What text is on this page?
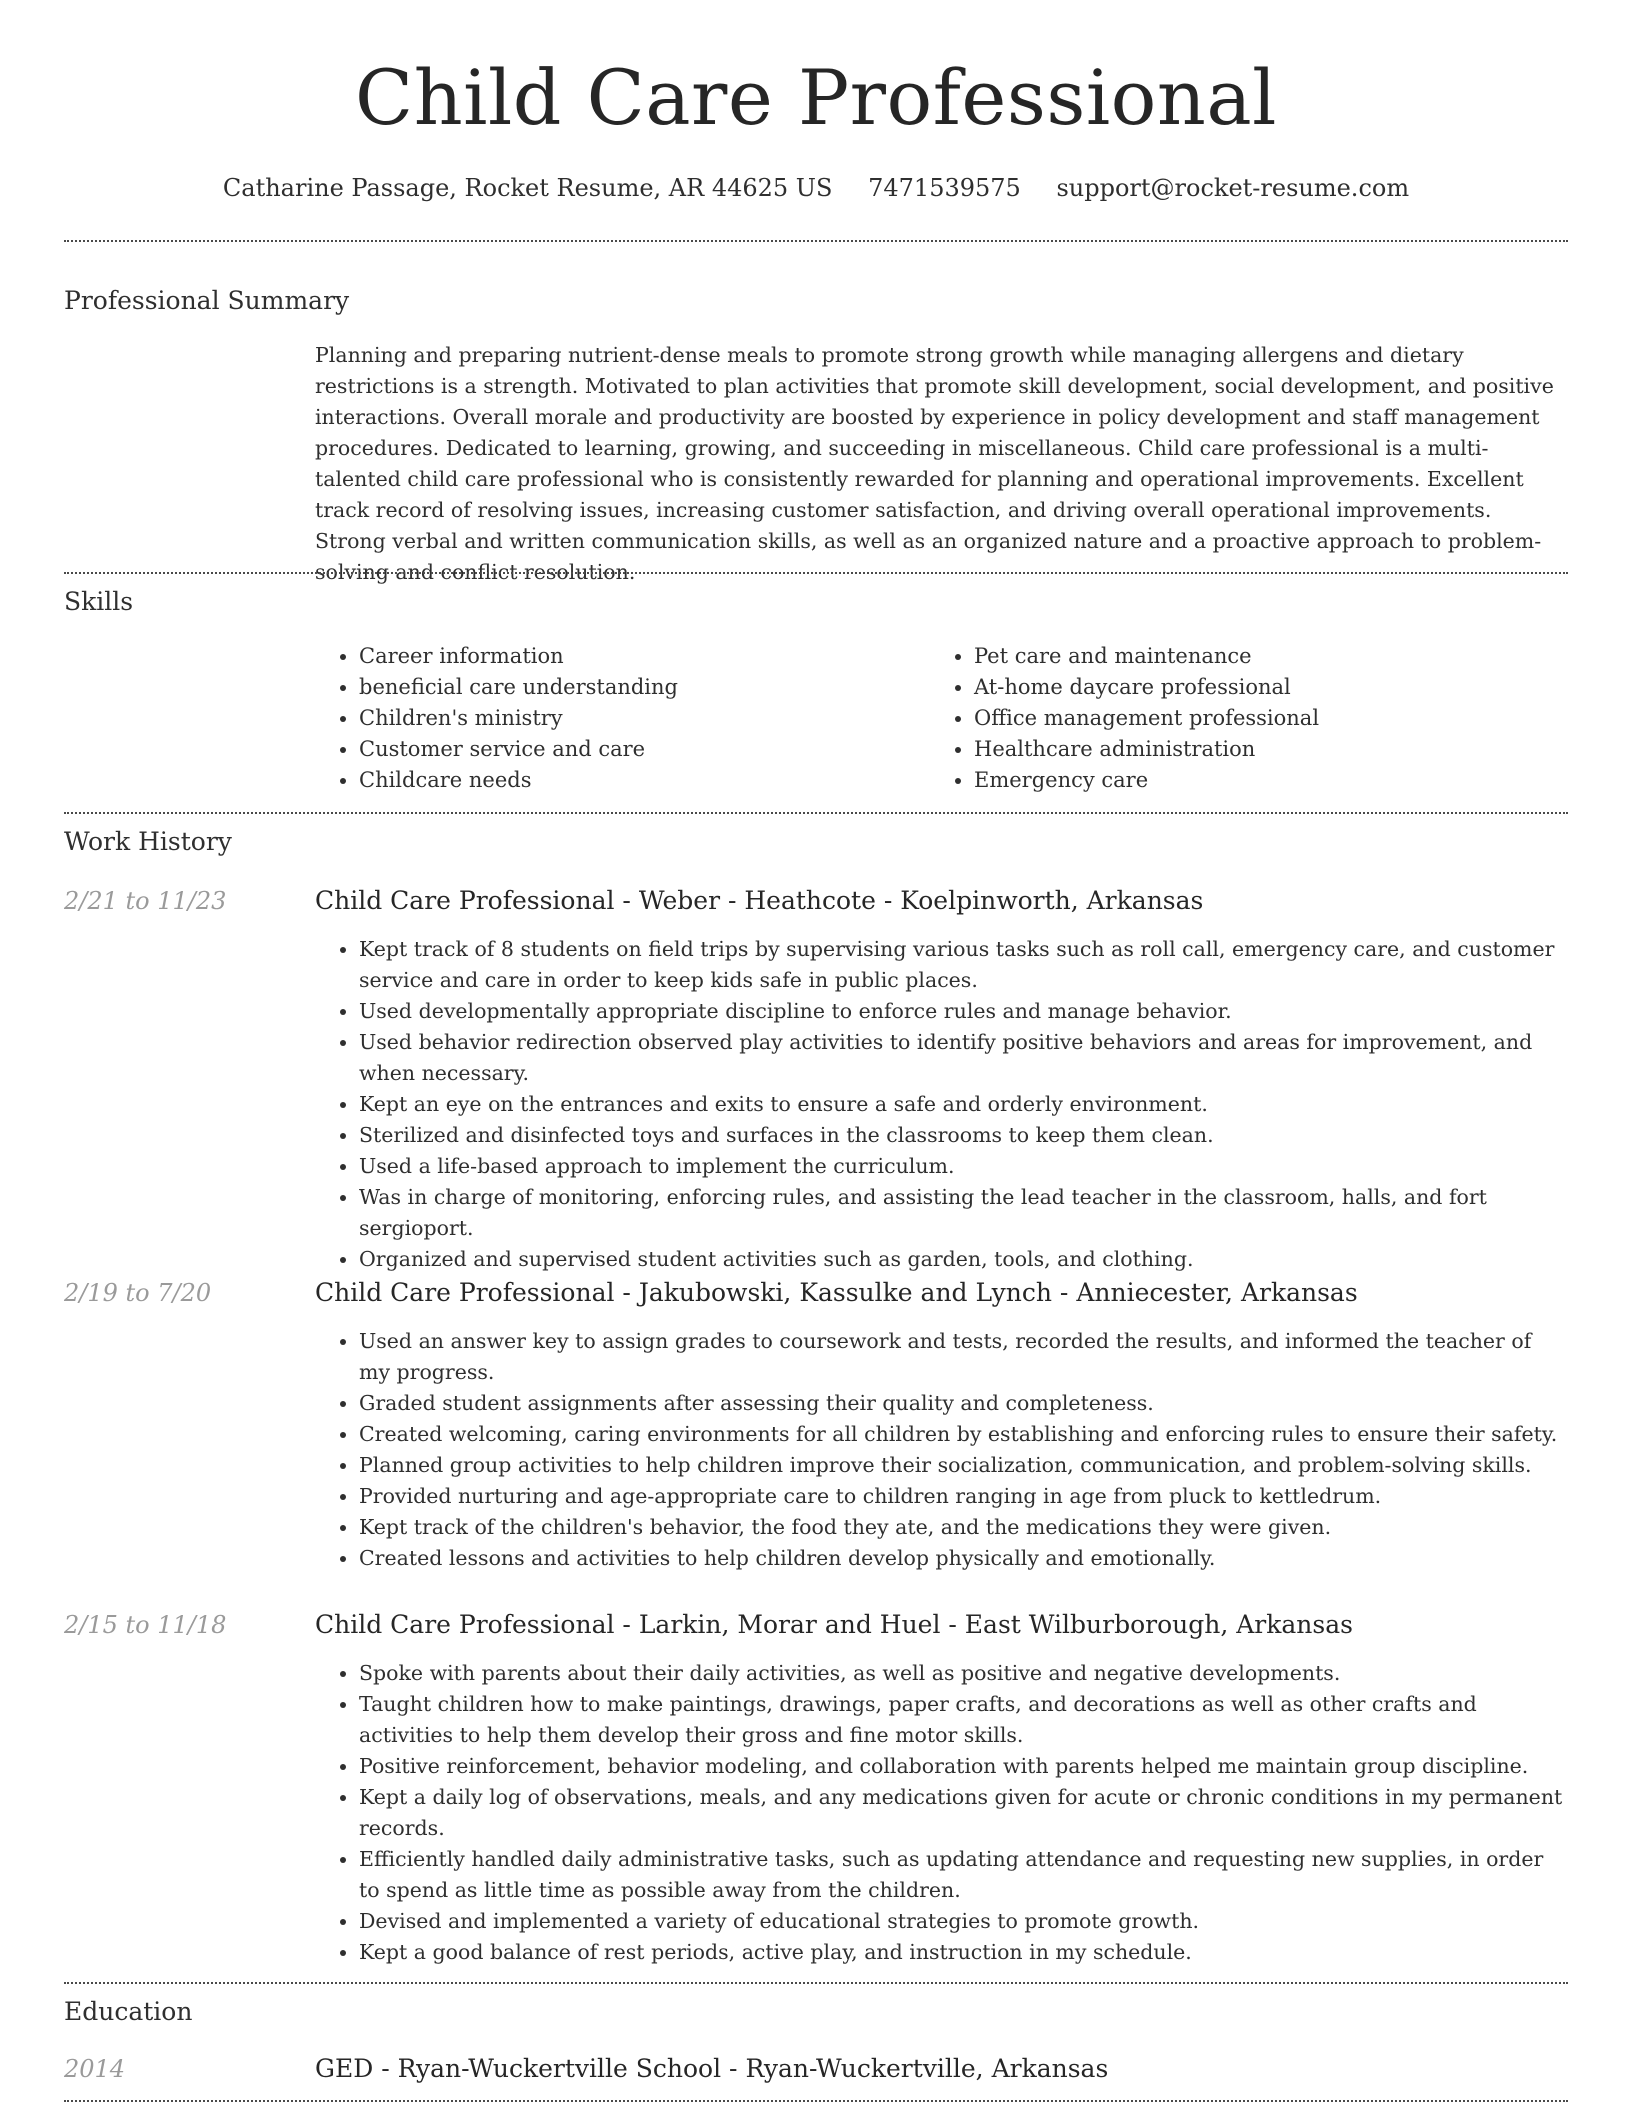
Child Care Professional
Catharine Passage, Rocket Resume, AR 44625 US 7471539575 support@rocket-resume.com
Professional Summary

Planning and preparing nutrient-dense meals to promote strong growth while managing allergens and dietary restrictions is a strength. Motivated to plan activities that promote skill development, social development, and positive interactions. Overall morale and productivity are boosted by experience in policy development and staff management procedures. Dedicated to learning, growing, and succeeding in miscellaneous. Child care professional is a multi-talented child care professional who is consistently rewarded for planning and operational improvements. Excellent track record of resolving issues, increasing customer satisfaction, and driving overall operational improvements. Strong verbal and written communication skills, as well as an organized nature and a proactive approach to problem-solving and conflict resolution.

Skills
• Career information
• beneficial care understanding
• Children's ministry
• Customer service and care
• Childcare needs
• Pet care and maintenance
• At-home daycare professional
• Office management professional
• Healthcare administration
• Emergency care
Work History
2/21 to 11/23	Child Care Professional - Weber - Heathcote - Koelpinworth, Arkansas
• Kept track of 8 students on field trips by supervising various tasks such as roll call, emergency care, and customer service and care in order to keep kids safe in public places.
• Used developmentally appropriate discipline to enforce rules and manage behavior.
• Used behavior redirection observed play activities to identify positive behaviors and areas for improvement, and when necessary.
• Kept an eye on the entrances and exits to ensure a safe and orderly environment.
• Sterilized and disinfected toys and surfaces in the classrooms to keep them clean.
• Used a life-based approach to implement the curriculum.
• Was in charge of monitoring, enforcing rules, and assisting the lead teacher in the classroom, halls, and fort sergioport.
• Organized and supervised student activities such as garden, tools, and clothing.
2/19 to 7/20	Child Care Professional - Jakubowski, Kassulke and Lynch - Anniecester, Arkansas
• Used an answer key to assign grades to coursework and tests, recorded the results, and informed the teacher of my progress.
• Graded student assignments after assessing their quality and completeness.
• Created welcoming, caring environments for all children by establishing and enforcing rules to ensure their safety.
• Planned group activities to help children improve their socialization, communication, and problem-solving skills.
• Provided nurturing and age-appropriate care to children ranging in age from pluck to kettledrum.
• Kept track of the children's behavior, the food they ate, and the medications they were given.
• Created lessons and activities to help children develop physically and emotionally.
2/15 to 11/18	Child Care Professional - Larkin, Morar and Huel - East Wilburborough, Arkansas
• Spoke with parents about their daily activities, as well as positive and negative developments.
• Taught children how to make paintings, drawings, paper crafts, and decorations as well as other crafts and activities to help them develop their gross and fine motor skills.
• Positive reinforcement, behavior modeling, and collaboration with parents helped me maintain group discipline.
• Kept a daily log of observations, meals, and any medications given for acute or chronic conditions in my permanent records.
• Efficiently handled daily administrative tasks, such as updating attendance and requesting new supplies, in order to spend as little time as possible away from the children.
• Devised and implemented a variety of educational strategies to promote growth.
• Kept a good balance of rest periods, active play, and instruction in my schedule.
Education
2014	GED - Ryan-Wuckertville School - Ryan-Wuckertville, Arkansas
